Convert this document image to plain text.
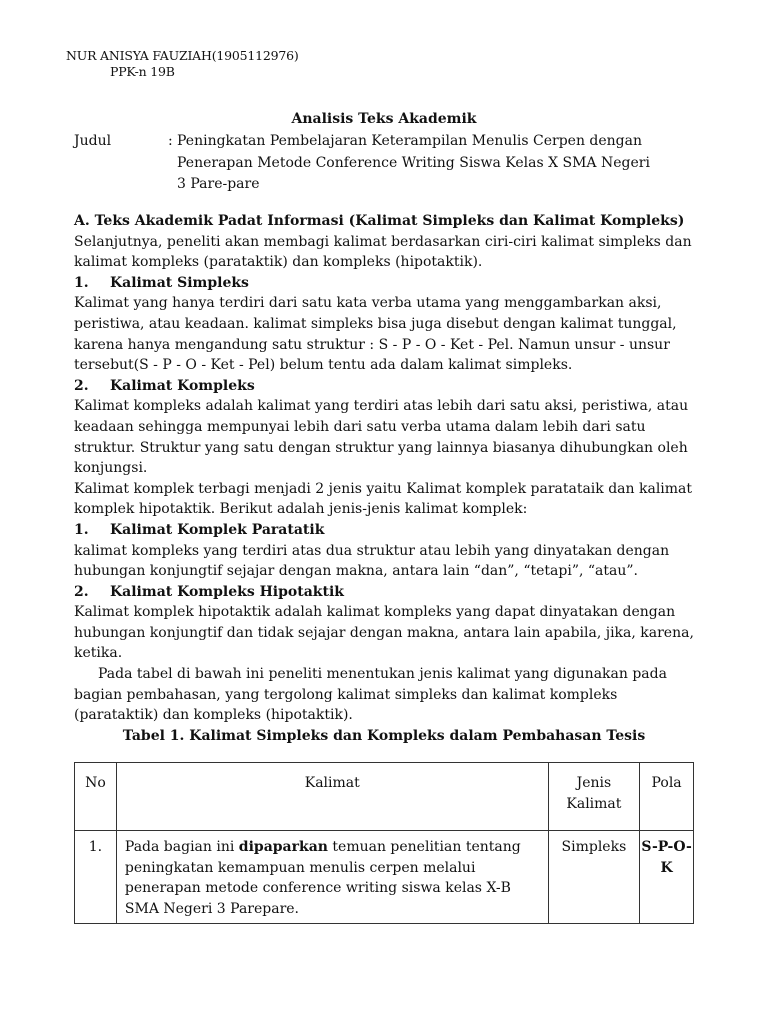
NUR ANISYA FAUZIAH(1905112976)
PPK-n 19B
Analisis Teks Akademik
Judul	: Peningkatan Pembelajaran Keterampilan Menulis Cerpen dengan
Penerapan Metode Conference Writing Siswa Kelas X SMA Negeri
3 Pare-pare

A. Teks Akademik Padat Informasi (Kalimat Simpleks dan Kalimat Kompleks)

Selanjutnya, peneliti akan membagi kalimat berdasarkan ciri-ciri kalimat simpleks dan kalimat kompleks (parataktik) dan kompleks (hipotaktik).

1. Kalimat Simpleks

Kalimat yang hanya terdiri dari satu kata verba utama yang menggambarkan aksi, peristiwa, atau keadaan. kalimat simpleks bisa juga disebut dengan kalimat tunggal, karena hanya mengandung satu struktur : S - P - O - Ket - Pel. Namun unsur - unsur tersebut(S - P - O - Ket - Pel) belum tentu ada dalam kalimat simpleks.

2. Kalimat Kompleks

Kalimat kompleks adalah kalimat yang terdiri atas lebih dari satu aksi, peristiwa, atau keadaan sehingga mempunyai lebih dari satu verba utama dalam lebih dari satu struktur. Struktur yang satu dengan struktur yang lainnya biasanya dihubungkan oleh konjungsi.

Kalimat komplek terbagi menjadi 2 jenis yaitu Kalimat komplek paratataik dan kalimat komplek hipotaktik. Berikut adalah jenis-jenis kalimat komplek:

1. Kalimat Komplek Paratatik

kalimat kompleks yang terdiri atas dua struktur atau lebih yang dinyatakan dengan hubungan konjungtif sejajar dengan makna, antara lain “dan”, “tetapi”, “atau”.

2. Kalimat Kompleks Hipotaktik

Kalimat komplek hipotaktik adalah kalimat kompleks yang dapat dinyatakan dengan hubungan konjungtif dan tidak sejajar dengan makna, antara lain apabila, jika, karena, ketika.

Pada tabel di bawah ini peneliti menentukan jenis kalimat yang digunakan pada bagian pembahasan, yang tergolong kalimat simpleks dan kalimat kompleks (parataktik) dan kompleks (hipotaktik).

Tabel 1. Kalimat Simpleks dan Kompleks dalam Pembahasan Tesis

No	Kalimat	Jenis Kalimat	Pola
1.	Pada bagian ini dipaparkan temuan penelitian tentang peningkatan kemampuan menulis cerpen melalui penerapan metode conference writing siswa kelas X-B SMA Negeri 3 Parepare.	Simpleks	S-P-O-K
